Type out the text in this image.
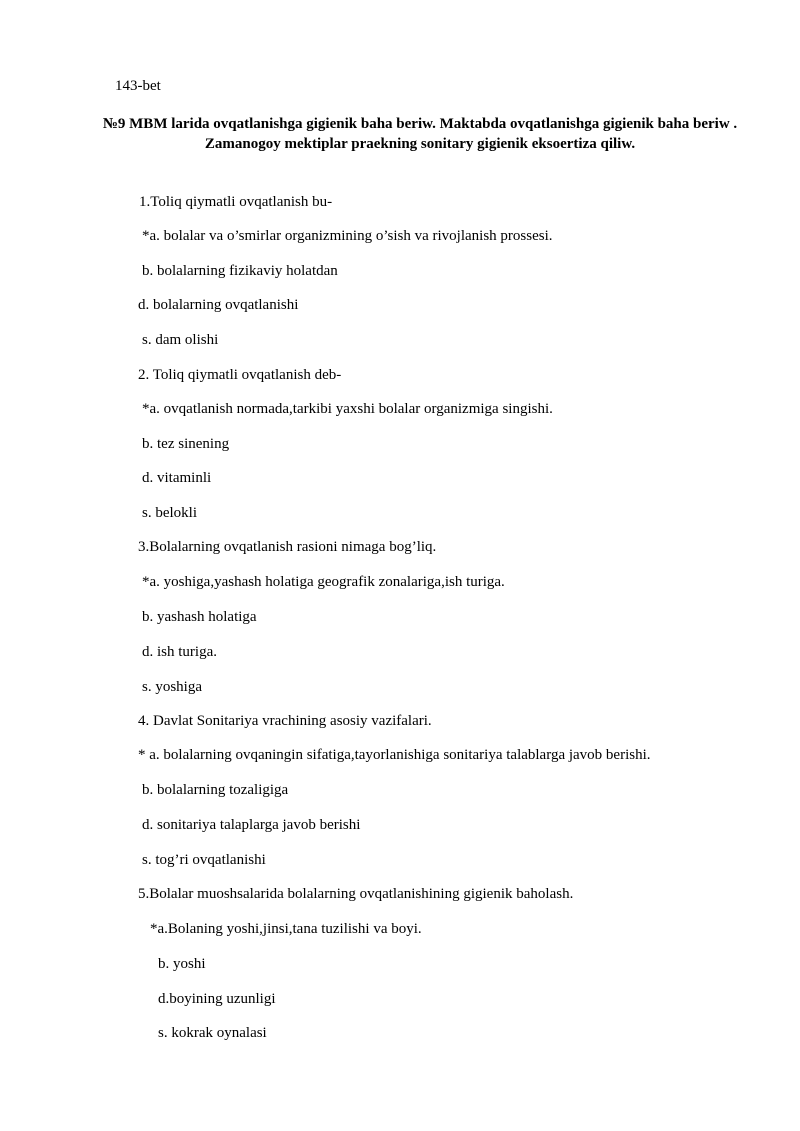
143-bet
№9 MBM larida ovqatlanishga gigienik baha beriw. Maktabda ovqatlanishga gigienik baha beriw . Zamanogoy mektiplar praekning sonitary gigienik eksoertiza qiliw.
1.Toliq qiymatli ovqatlanish bu-
*a. bolalar va o’smirlar organizmining o’sish va rivojlanish prossesi.
b. bolalarning fizikaviy holatdan
d. bolalarning ovqatlanishi
s. dam olishi
2. Toliq qiymatli ovqatlanish deb-
*a. ovqatlanish normada,tarkibi yaxshi bolalar organizmiga singishi.
b. tez sinening
d. vitaminli
s. belokli
3.Bolalarning ovqatlanish rasioni nimaga bog’liq.
*a. yoshiga,yashash holatiga geografik zonalariga,ish turiga.
b. yashash holatiga
d. ish turiga.
s. yoshiga
4. Davlat Sonitariya vrachining asosiy vazifalari.
* a. bolalarning ovqaningin sifatiga,tayorlanishiga sonitariya talablarga javob berishi.
b. bolalarning tozaligiga
d. sonitariya talaplarga javob berishi
s. tog’ri ovqatlanishi
5.Bolalar muoshsalarida bolalarning ovqatlanishining gigienik baholash.
*a.Bolaning yoshi,jinsi,tana tuzilishi va boyi.
b. yoshi
d.boyining uzunligi
s. kokrak oynalasi
